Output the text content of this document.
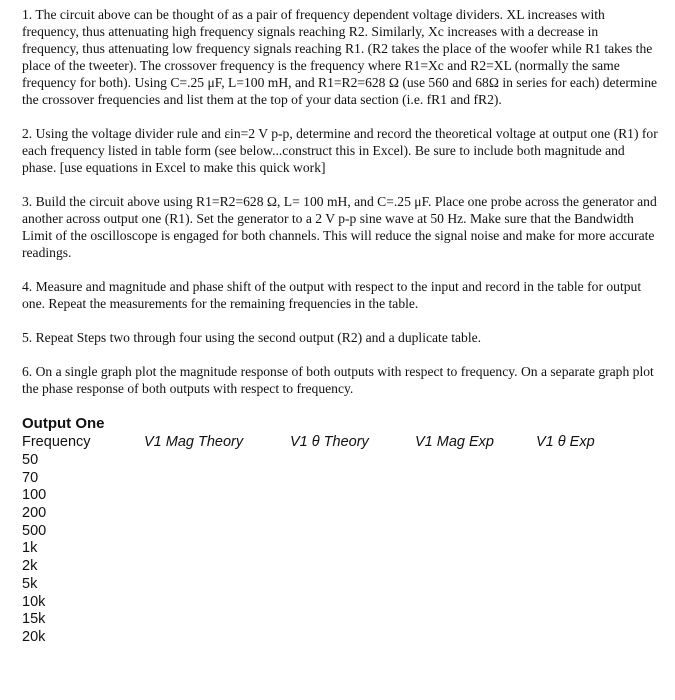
1. The circuit above can be thought of as a pair of frequency dependent voltage dividers. XL increases with frequency, thus attenuating high frequency signals reaching R2. Similarly, Xc increases with a decrease in frequency, thus attenuating low frequency signals reaching R1. (R2 takes the place of the woofer while R1 takes the place of the tweeter). The crossover frequency is the frequency where R1=Xc and R2=XL (normally the same frequency for both). Using C=.25 μF, L=100 mH, and R1=R2=628 Ω (use 560 and 68Ω in series for each) determine the crossover frequencies and list them at the top of your data section (i.e. fR1 and fR2).

2. Using the voltage divider rule and εin=2 V p-p, determine and record the theoretical voltage at output one (R1) for each frequency listed in table form (see below...construct this in Excel). Be sure to include both magnitude and phase. [use equations in Excel to make this quick work]

3. Build the circuit above using R1=R2=628 Ω, L= 100 mH, and C=.25 μF. Place one probe across the generator and another across output one (R1). Set the generator to a 2 V p-p sine wave at 50 Hz. Make sure that the Bandwidth Limit of the oscilloscope is engaged for both channels. This will reduce the signal noise and make for more accurate readings.

4. Measure and magnitude and phase shift of the output with respect to the input and record in the table for output one. Repeat the measurements for the remaining frequencies in the table.

5. Repeat Steps two through four using the second output (R2) and a duplicate table.

6. On a single graph plot the magnitude response of both outputs with respect to frequency. On a separate graph plot the phase response of both outputs with respect to frequency.

Output One
Frequency	V1 Mag Theory	V1 θ Theory	V1 Mag Exp	V1 θ Exp
50
70
100
200
500
1k
2k
5k
10k
15k
20k
